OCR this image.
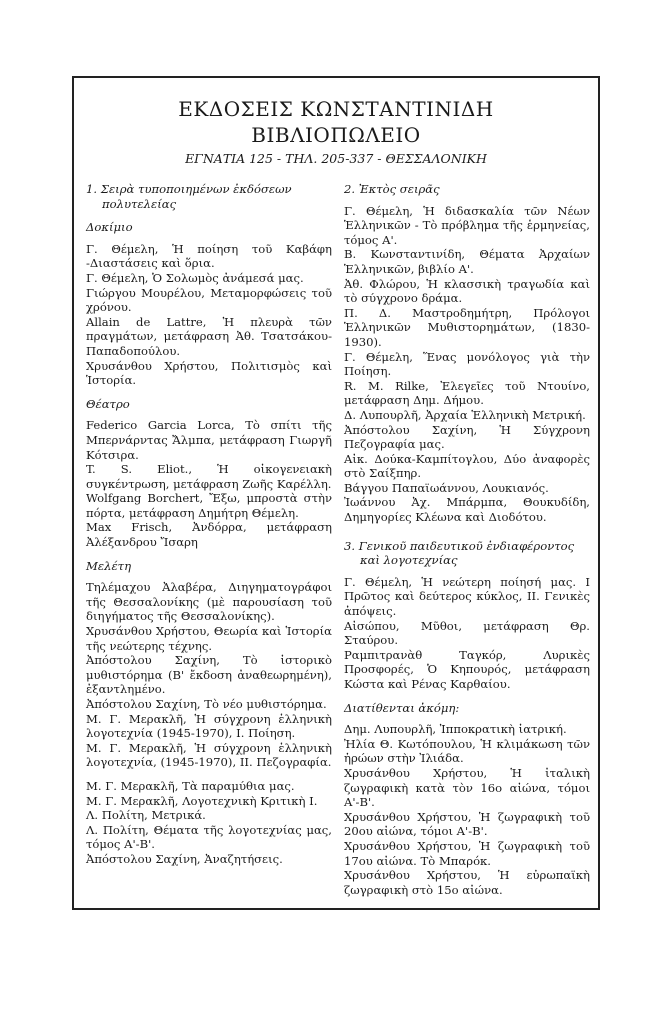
ΕΚΔΟΣΕΙΣ ΚΩΝΣΤΑΝΤΙΝΙΔΗ
ΒΙΒΛΙΟΠΩΛΕΙΟ
ΕΓΝΑΤΙΑ 125 - ΤΗΛ. 205-337 - ΘΕΣΣΑΛΟΝΙΚΗ

1. Σειρὰ τυποποιημένων ἐκδόσεων

πολυτελείας

Δοκίμιο

Γ. Θέμελη, Ἡ ποίηση τοῦ Καβάφη -Διαστάσεις καὶ ὅρια.

Γ. Θέμελη, Ὁ Σολωμὸς ἀνάμεσά μας.

Γιώργου Μουρέλου, Μεταμορφώσεις τοῦ χρόνου.

Allain de Lattre, Ἡ πλευρὰ τῶν πραγμάτων, μετάφραση Ἀθ. Τσατσάκου-Παπαδοπούλου.

Χρυσάνθου Χρήστου, Πολιτισμὸς καὶ Ἱστορία.

Θέατρο

Federico Garcia Lorca, Τὸ σπίτι τῆς Μπερνάρντας Ἄλμπα, μετάφραση Γιωργῆ Κότσιρα.

T. S. Eliot., Ἡ οἰκογενειακὴ συγκέντρωση, μετάφραση Ζωῆς Καρέλλη.

Wolfgang Borchert, Ἔξω, μπροστὰ στὴν πόρτα, μετάφραση Δημήτρη Θέμελη.

Max Frisch, Ἀνδόρρα, μετάφραση Ἀλέξανδρου Ἴσαρη

Μελέτη

Τηλέμαχου Ἀλαβέρα, Διηγηματογράφοι τῆς Θεσσαλονίκης (μὲ παρουσίαση τοῦ διηγήματος τῆς Θεσσαλονίκης).

Χρυσάνθου Χρήστου, Θεωρία καὶ Ἱστορία τῆς νεώτερης τέχνης.

Ἀπόστολου Σαχίνη, Τὸ ἱστορικὸ μυθιστόρημα (Β' ἔκδοση ἀναθεωρημένη), ἐξαντλημένο.

Ἀπόστολου Σαχίνη, Τὸ νέο μυθιστόρημα.

Μ. Γ. Μερακλῆ, Ἡ σύγχρονη ἑλληνικὴ λογοτεχνία (1945-1970), Ι. Ποίηση.

Μ. Γ. Μερακλῆ, Ἡ σύγχρονη ἑλληνικὴ λογοτεχνία, (1945-1970), ΙΙ. Πεζογραφία.

Μ. Γ. Μερακλῆ, Τὰ παραμύθια μας.

Μ. Γ. Μερακλῆ, Λογοτεχνικὴ Κριτικὴ Ι.

Λ. Πολίτη, Μετρικά.

Λ. Πολίτη, Θέματα τῆς λογοτεχνίας μας, τόμος Α'-Β'.

Ἀπόστολου Σαχίνη, Ἀναζητήσεις.

2. Ἐκτὸς σειρᾶς

Γ. Θέμελη, Ἡ διδασκαλία τῶν Νέων Ἑλληνικῶν - Τὸ πρόβλημα τῆς ἑρμηνείας, τόμος Α'.

Β. Κωνσταντινίδη, Θέματα Ἀρχαίων Ἑλληνικῶν, βιβλίο Α'.

Ἀθ. Φλώρου, Ἡ κλασσικὴ τραγωδία καὶ τὸ σύγχρονο δράμα.

Π. Δ. Μαστροδημήτρη, Πρόλογοι Ἑλληνικῶν Μυθιστορημάτων, (1830-1930).

Γ. Θέμελη, Ἕνας μονόλογος γιὰ τὴν Ποίηση.

R. M. Rilke, Ἐλεγεῖες τοῦ Ντουίνο, μετάφραση Δημ. Δήμου.

Δ. Λυπουρλῆ, Ἀρχαία Ἑλληνικὴ Μετρική.

Ἀπόστολου Σαχίνη, Ἡ Σύγχρονη Πεζογραφία μας.

Αἰκ. Δούκα-Καμπίτογλου, Δύο ἀναφορὲς στὸ Σαίξπηρ.

Βάγγου Παπαϊωάννου, Λουκιανός.

Ἰωάννου Ἀχ. Μπάρμπα, Θουκυδίδη, Δημηγορίες Κλέωνα καὶ Διοδότου.

3. Γενικοῦ παιδευτικοῦ ἐνδιαφέροντος

καὶ λογοτεχνίας

Γ. Θέμελη, Ἡ νεώτερη ποίησή μας. Ι Πρῶτος καὶ δεύτερος κύκλος, ΙΙ. Γενικὲς ἀπόψεις.

Αἰσώπου, Μῦθοι, μετάφραση Θρ. Σταύρου.

Ραμπιτρανὰθ Ταγκόρ, Λυρικὲς Προσφορές, Ὁ Κηπουρός, μετάφραση Κώστα καὶ Ρένας Καρθαίου.

Διατίθενται ἀκόμη:

Δημ. Λυπουρλῆ, Ἱπποκρατικὴ ἰατρική.

Ἠλία Θ. Κωτόπουλου, Ἡ κλιμάκωση τῶν ἡρώων στὴν Ἰλιάδα.

Χρυσάνθου Χρήστου, Ἡ ἰταλικὴ ζωγραφικὴ κατὰ τὸν 16ο αἰώνα, τόμοι Α'-Β'.

Χρυσάνθου Χρήστου, Ἡ ζωγραφικὴ τοῦ 20ου αἰώνα, τόμοι Α'-Β'.

Χρυσάνθου Χρήστου, Ἡ ζωγραφικὴ τοῦ 17ου αἰώνα. Τὸ Μπαρόκ.

Χρυσάνθου Χρήστου, Ἡ εὐρωπαϊκὴ ζωγραφικὴ στὸ 15ο αἰώνα.
